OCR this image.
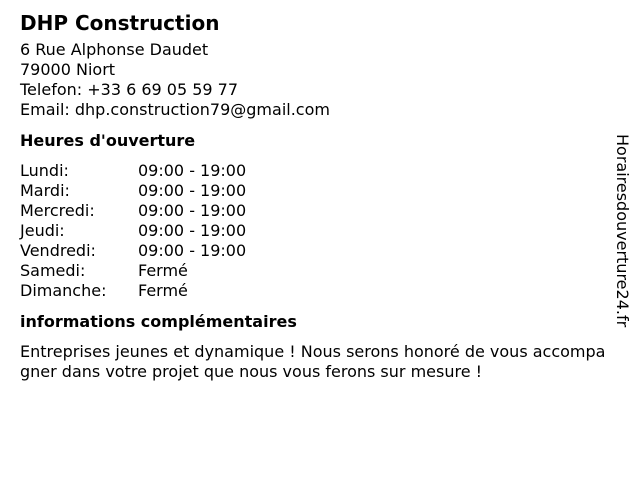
DHP Construction
6 Rue Alphonse Daudet
79000 Niort
Telefon: +33 6 69 05 59 77
Email: dhp.construction79@gmail.com
Heures d'ouverture
Lundi:	09:00 - 19:00
Mardi:	09:00 - 19:00
Mercredi:	09:00 - 19:00
Jeudi:	09:00 - 19:00
Vendredi:	09:00 - 19:00
Samedi:	Fermé
Dimanche:	Fermé
informations complémentaires
Entreprises jeunes et dynamique ! Nous serons honoré de vous accompagner dans votre projet que nous vous ferons sur mesure !
Horairesdouverture24.fr
